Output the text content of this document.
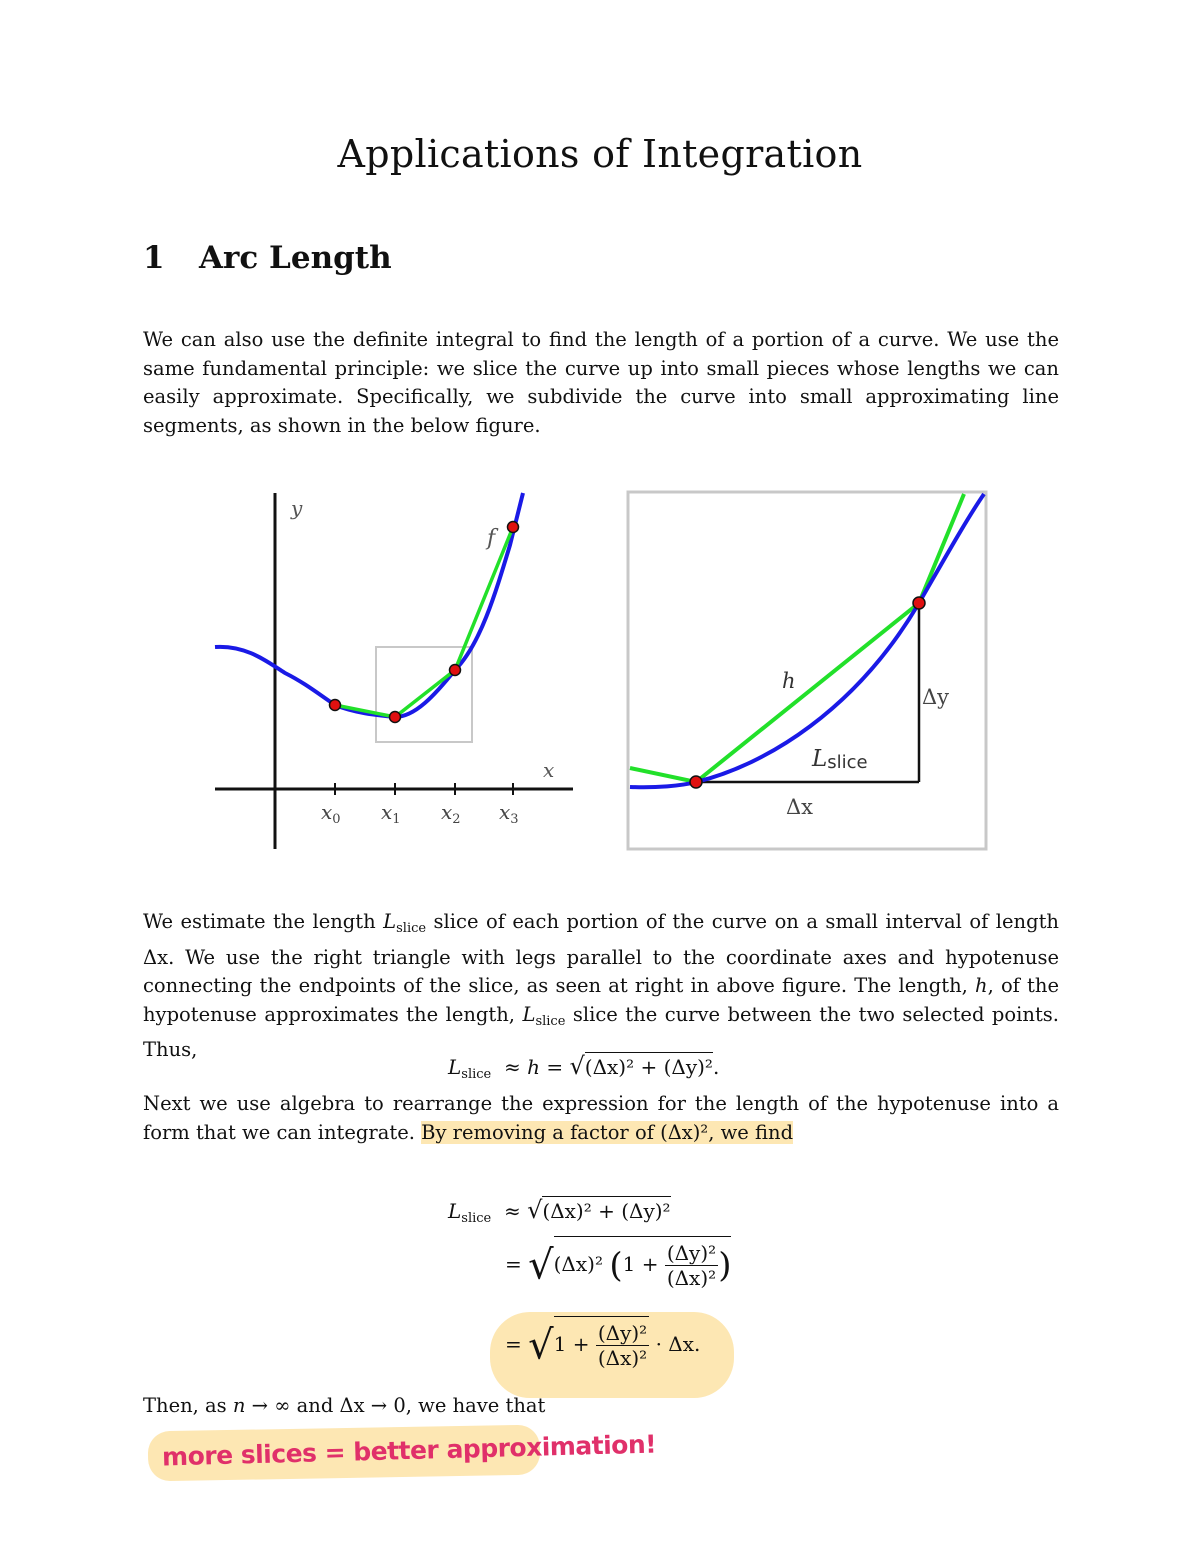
Applications of Integration
1 Arc Length

We can also use the definite integral to find the length of a portion of a curve. We use the same fundamental principle: we slice the curve up into small pieces whose lengths we can easily approximate. Specifically, we subdivide the curve into small approximating line segments, as shown in the below figure.

y
x
f
$x_0$ $x_1$ $x_2$ $x_3$
h
Δy
Δx
Lslice

We estimate the length $L_{slice}$ slice of each portion of the curve on a small interval of length Δx. We use the right triangle with legs parallel to the coordinate axes and hypotenuse connecting the endpoints of the slice, as seen at right in above figure. The length, h, of the hypotenuse approximates the length, $L_{slice}$ slice the curve between the two selected points. Thus,

$L_{slice} \approx h = √(\Delta x)^2 + (\Delta y)^2$.

Next we use algebra to rearrange the expression for the length of the hypotenuse into a form that we can integrate. By removing a factor of (Δx)², we find

$L_{slice} \approx √(\Delta x)^2 + (\Delta y)^2$
= √(Δx)² ($1 + \frac{\text{(Δy)²}}{\text{(Δx)²}}$ )
= $√1 + \frac{\text{(Δy)²}}{\text{(Δx)²}} \cdot \Delta x$.

Then, as n → ∞ and Δx → 0, we have that

more slices = better approximation!
